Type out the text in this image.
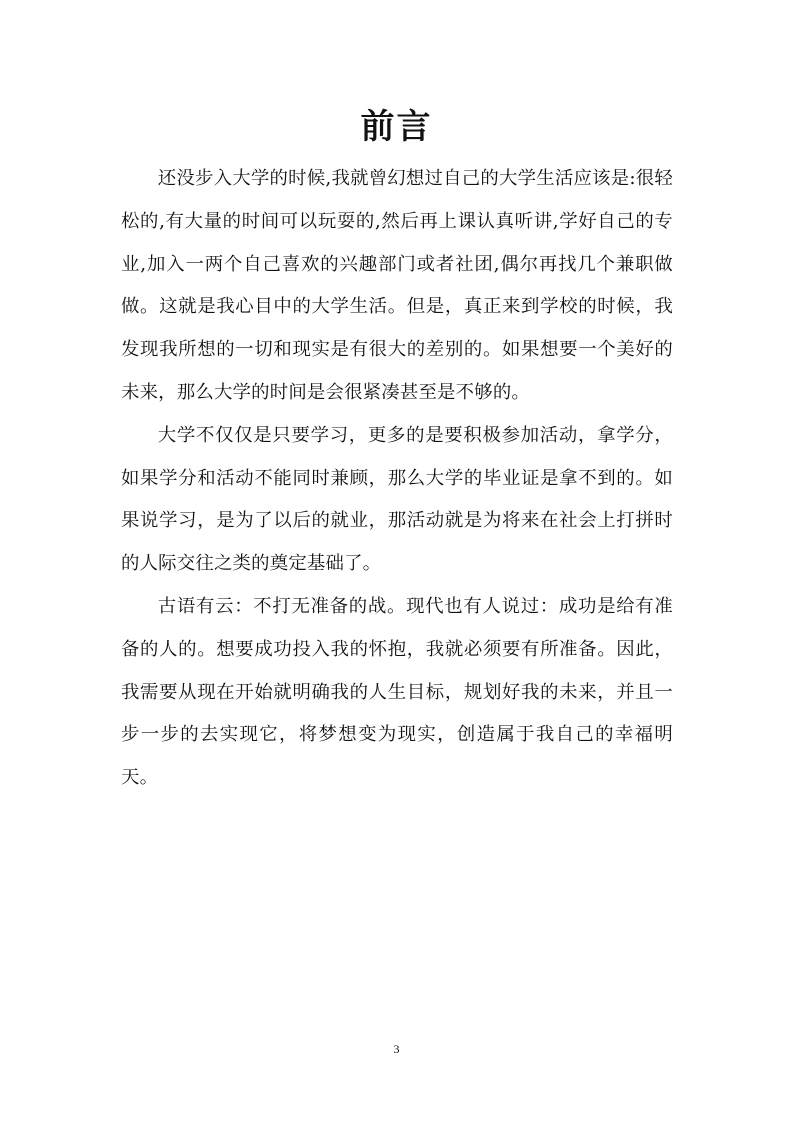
前言

还没步入大学的时候,我就曾幻想过自己的大学生活应该是:很轻松的,有大量的时间可以玩耍的,然后再上课认真听讲,学好自己的专业,加入一两个自己喜欢的兴趣部门或者社团,偶尔再找几个兼职做做。这就是我心目中的大学生活。但是，真正来到学校的时候，我发现我所想的一切和现实是有很大的差别的。如果想要一个美好的未来，那么大学的时间是会很紧凑甚至是不够的。

大学不仅仅是只要学习，更多的是要积极参加活动，拿学分，如果学分和活动不能同时兼顾，那么大学的毕业证是拿不到的。如果说学习，是为了以后的就业，那活动就是为将来在社会上打拼时的人际交往之类的奠定基础了。

古语有云：不打无准备的战。现代也有人说过：成功是给有准备的人的。想要成功投入我的怀抱，我就必须要有所准备。因此，我需要从现在开始就明确我的人生目标，规划好我的未来，并且一步一步的去实现它，将梦想变为现实，创造属于我自己的幸福明天。

3
